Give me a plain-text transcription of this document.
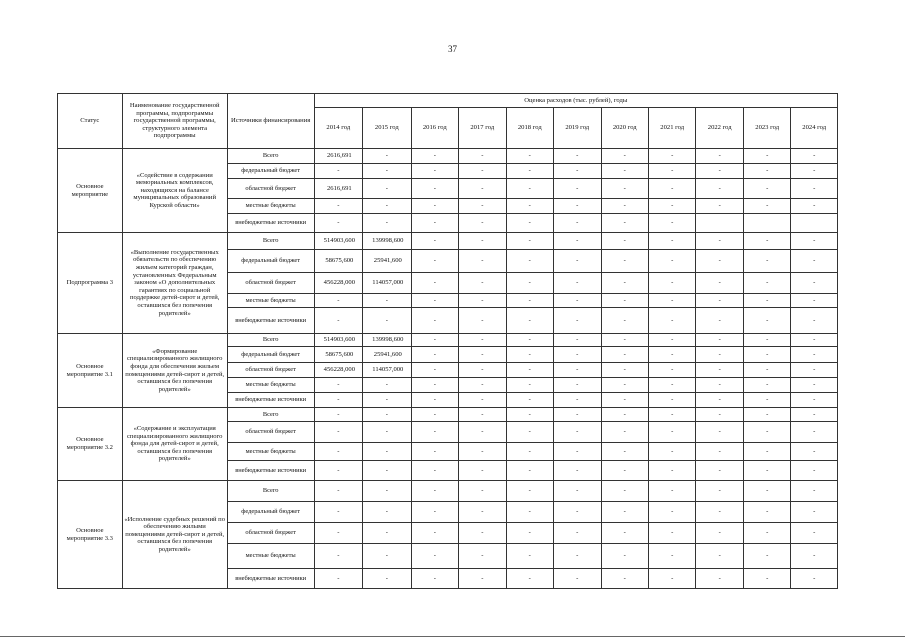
37
Статус	Наименование государственной программы, подпрограммы государственной программы, структурного элемента подпрограммы	Источники финансирования	Оценка расходов (тыс. рублей), годы										
			2014 год	2015 год	2016 год	2017 год	2018 год	2019 год	2020 год	2021 год	2022 год	2023 год	2024 год
Основное мероприятие	«Содействие в содержании мемориальных комплексов, находящихся на балансе муниципальных образований Курской области»	Всего	2616,691	-	-	-	-	-	-	-	-	-	-
		федеральный бюджет	-	-	-	-	-	-	-	-	-	-	-
		областной бюджет	2616,691	-	-	-	-	-	-	-	-	-	-
		местные бюджеты	-	-	-	-	-	-	-	-	-	-	-
		внебюджетные источники	-	-	-	-	-	-	-	-			
Подпрограмма 3	«Выполнение государственных обязательств по обеспечению жильем категорий граждан, установленных Федеральным законом «О дополнительных гарантиях по социальной поддержке детей-сирот и детей, оставшихся без попечения родителей»	Всего	514903,600	139998,600	-	-	-	-	-	-	-	-	-
		федеральный бюджет	58675,600	25941,600	-	-	-	-	-	-	-	-	-
		областной бюджет	456228,000	114057,000	-	-	-	-	-	-	-	-	-
		местные бюджеты	-	-	-	-	-	-	-	-	-	-	-
		внебюджетные источники	-	-	-	-	-	-	-	-	-	-	-
Основное мероприятие 3.1	«Формирование специализированного жилищного фонда для обеспечения жильем помещениями детей-сирот и детей, оставшихся без попечения родителей»	Всего	514903,600	139998,600	-	-	-	-	-	-	-	-	-
		федеральный бюджет	58675,600	25941,600	-	-	-	-	-	-	-	-	-
		областной бюджет	456228,000	114057,000	-	-	-	-	-	-	-	-	-
		местные бюджеты	-	-	-	-	-	-	-	-	-	-	-
		внебюджетные источники	-	-	-	-	-	-	-	-	-	-	-
Основное мероприятие 3.2	«Содержание и эксплуатация специализированного жилищного фонда для детей-сирот и детей, оставшихся без попечения родителей»	Всего	-	-	-	-	-	-	-	-	-	-	-
		областной бюджет	-	-	-	-	-	-	-	-	-	-	-
		местные бюджеты	-	-	-	-	-	-	-	-	-	-	-
		внебюджетные источники	-	-	-	-	-	-	-	-	-	-	-
Основное мероприятие 3.3	«Исполнение судебных решений по обеспечению жилыми помещениями детей-сирот и детей, оставшихся без попечения родителей»	Всего	-	-	-	-	-	-	-	-	-	-	-
		федеральный бюджет	-	-	-	-	-	-	-	-	-	-	-
		областной бюджет	-	-	-	-	-	-	-	-	-	-	-
		местные бюджеты	-	-	-	-	-	-	-	-	-	-	-
		внебюджетные источники	-	-	-	-	-	-	-	-	-	-	-
